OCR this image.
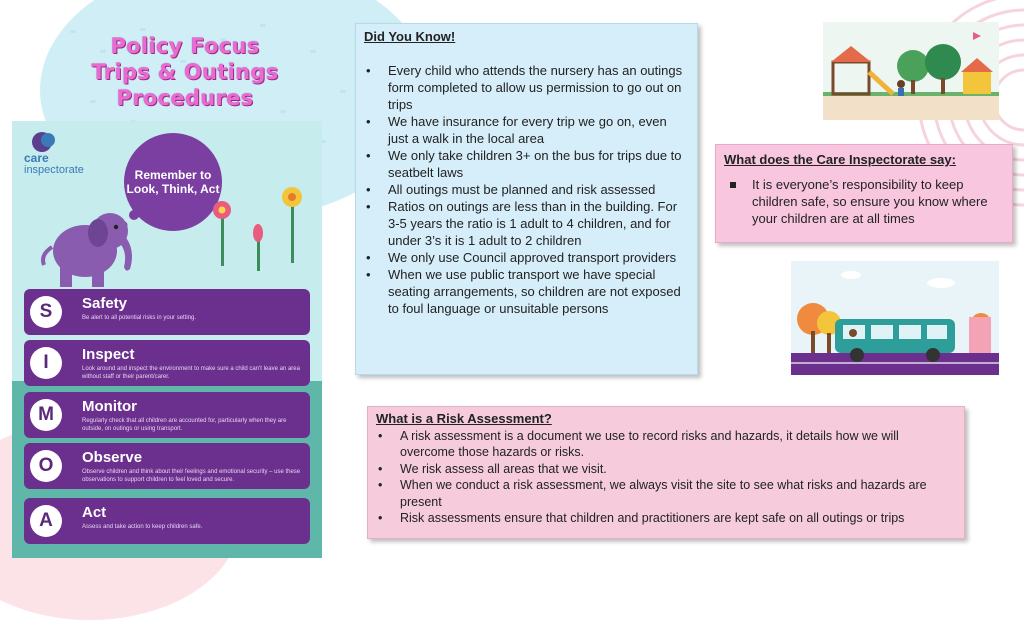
Policy Focus
Trips & Outings Procedures
care
inspectorate	Remember to Look, Think, Act
S	Safety
Be alert to all potential risks in your setting.
I	Inspect
Look around and inspect the environment to make sure a child can't leave an area without staff or their parent/carer.
M	Monitor
Regularly check that all children are accounted for, particularly when they are outside, on outings or using transport.
O	Observe
Observe children and think about their feelings and emotional security – use these observations to support children to feel loved and secure.
A	Act
Assess and take action to keep children safe.
Did You Know!
• Every child who attends the nursery has an outings form completed to allow us permission to go out on trips
• We have insurance for every trip we go on, even just a walk in the local area
• We only take children 3+ on the bus for trips due to seatbelt laws
• All outings must be planned and risk assessed
• Ratios on outings are less than in the building. For 3-5 years the ratio is 1 adult to 4 children, and for under 3’s it is 1 adult to 2 children
• We only use Council approved transport providers
• When we use public transport we have special seating arrangements, so children are not exposed to foul language or unsuitable persons
What does the Care Inspectorate say:
It is everyone’s responsibility to keep children safe, so ensure you know where your children are at all times
What is a Risk Assessment?
• A risk assessment is a document we use to record risks and hazards, it details how we will overcome those hazards or risks.
• We risk assess all areas that we visit.
• When we conduct a risk assessment, we always visit the site to see what risks and hazards are present
• Risk assessments ensure that children and practitioners are kept safe on all outings or trips
